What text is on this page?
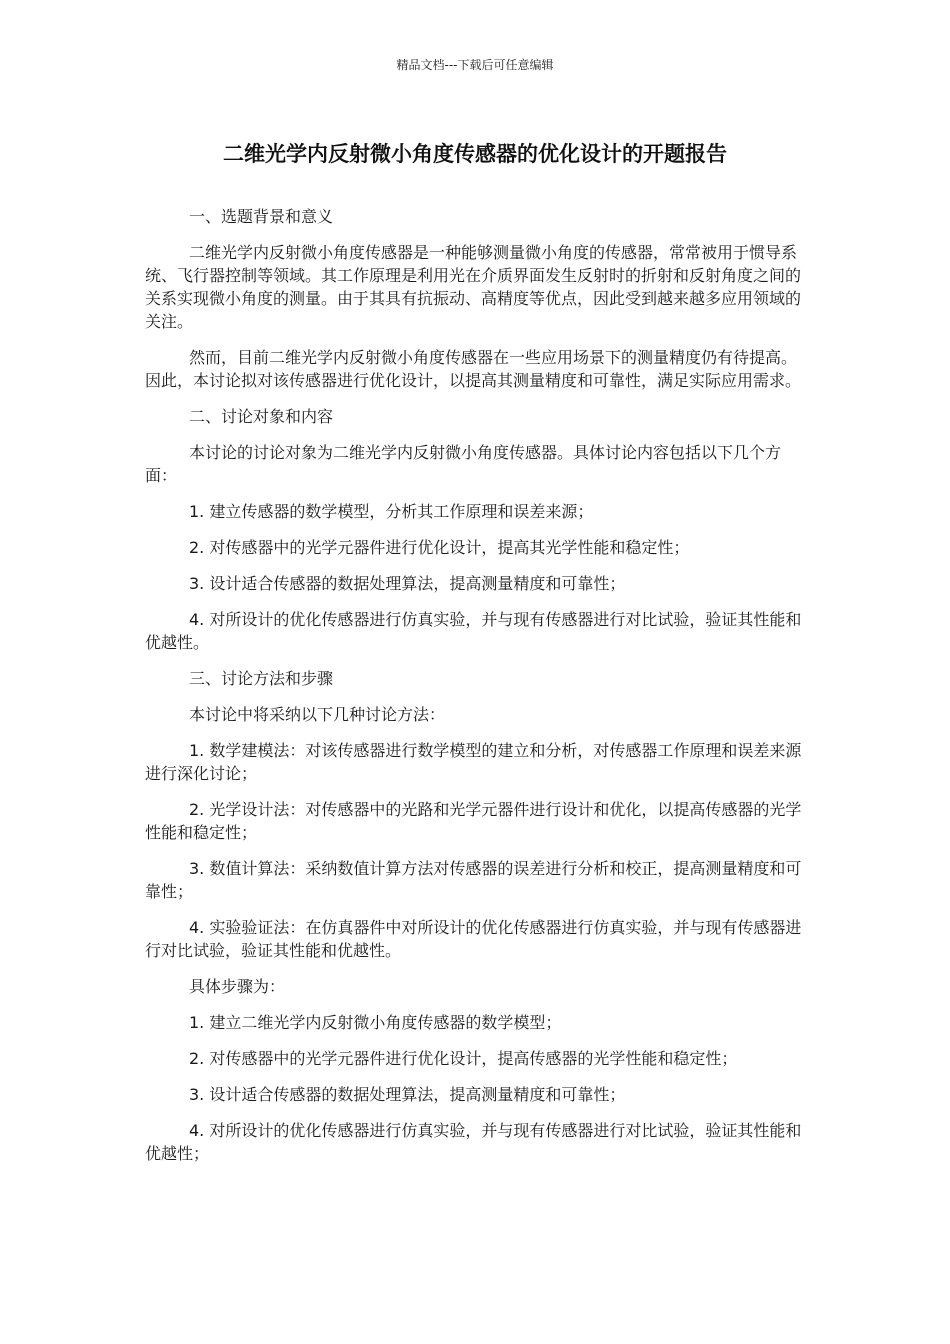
精品文档---下载后可任意编辑
二维光学内反射微小角度传感器的优化设计的开题报告

一、选题背景和意义

二维光学内反射微小角度传感器是一种能够测量微小角度的传感器，常常被用于惯导系统、飞行器控制等领域。其工作原理是利用光在介质界面发生反射时的折射和反射角度之间的关系实现微小角度的测量。由于其具有抗振动、高精度等优点，因此受到越来越多应用领域的关注。

然而，目前二维光学内反射微小角度传感器在一些应用场景下的测量精度仍有待提高。因此，本讨论拟对该传感器进行优化设计，以提高其测量精度和可靠性，满足实际应用需求。

二、讨论对象和内容

本讨论的讨论对象为二维光学内反射微小角度传感器。具体讨论内容包括以下几个方面：

1. 建立传感器的数学模型，分析其工作原理和误差来源；

2. 对传感器中的光学元器件进行优化设计，提高其光学性能和稳定性；

3. 设计适合传感器的数据处理算法，提高测量精度和可靠性；

4. 对所设计的优化传感器进行仿真实验，并与现有传感器进行对比试验，验证其性能和优越性。

三、讨论方法和步骤

本讨论中将采纳以下几种讨论方法：

1. 数学建模法：对该传感器进行数学模型的建立和分析，对传感器工作原理和误差来源进行深化讨论；

2. 光学设计法：对传感器中的光路和光学元器件进行设计和优化，以提高传感器的光学性能和稳定性；

3. 数值计算法：采纳数值计算方法对传感器的误差进行分析和校正，提高测量精度和可靠性；

4. 实验验证法：在仿真器件中对所设计的优化传感器进行仿真实验，并与现有传感器进行对比试验，验证其性能和优越性。

具体步骤为：

1. 建立二维光学内反射微小角度传感器的数学模型；

2. 对传感器中的光学元器件进行优化设计，提高传感器的光学性能和稳定性；

3. 设计适合传感器的数据处理算法，提高测量精度和可靠性；

4. 对所设计的优化传感器进行仿真实验，并与现有传感器进行对比试验，验证其性能和优越性；
